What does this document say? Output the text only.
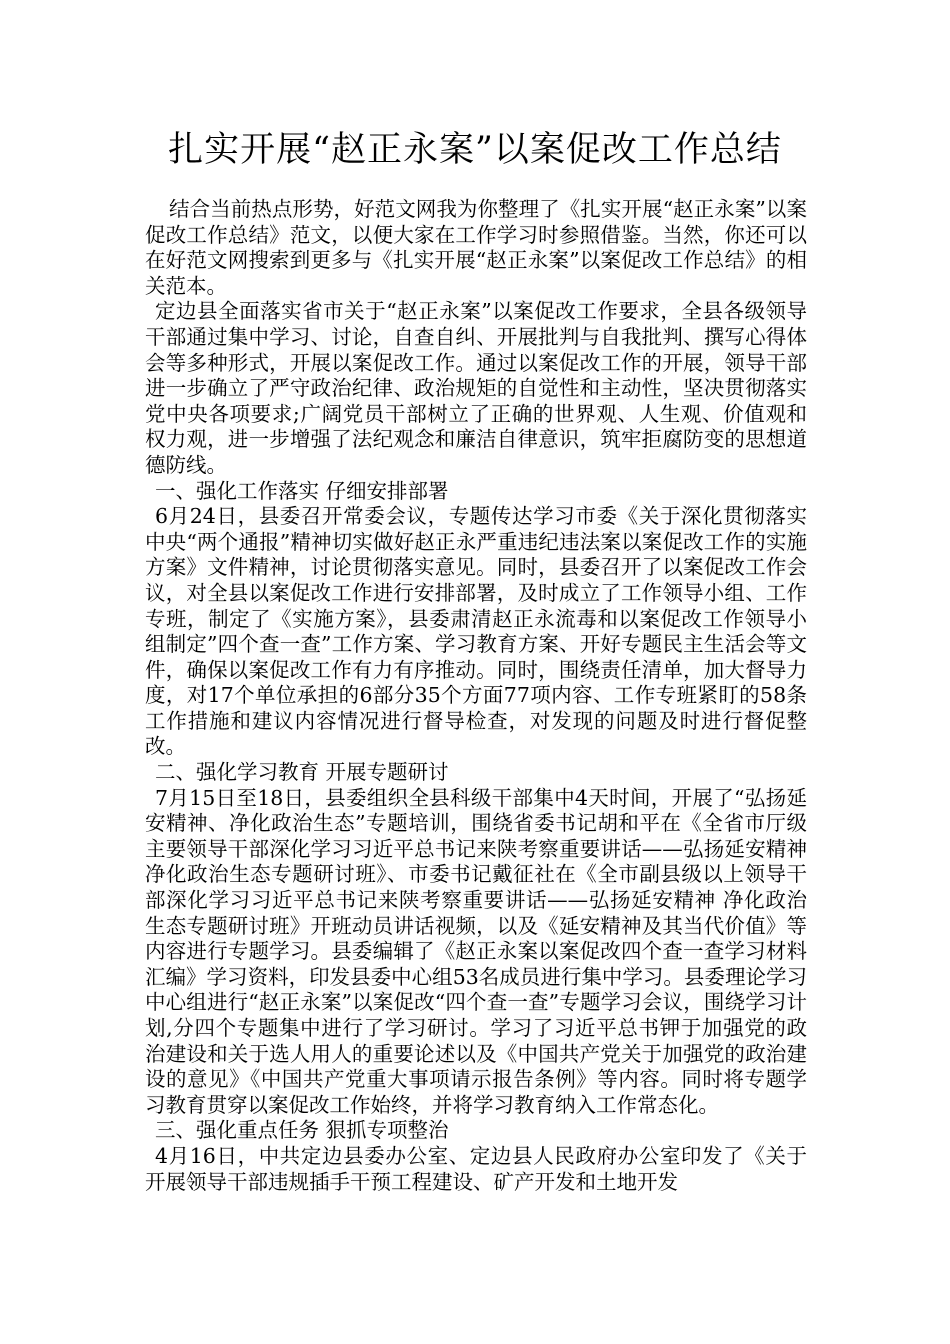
扎实开展“赵正永案”以案促改工作总结

结合当前热点形势，好范文网我为你整理了《扎实开展“赵正永案”以案促改工作总结》范文，以便大家在工作学习时参照借鉴。当然，你还可以在好范文网搜索到更多与《扎实开展“赵正永案”以案促改工作总结》的相关范本。

定边县全面落实省市关于“赵正永案”以案促改工作要求，全县各级领导干部通过集中学习、讨论，自查自纠、开展批判与自我批判、撰写心得体会等多种形式，开展以案促改工作。通过以案促改工作的开展，领导干部进一步确立了严守政治纪律、政治规矩的自觉性和主动性，坚决贯彻落实党中央各项要求;广阔党员干部树立了正确的世界观、人生观、价值观和权力观，进一步增强了法纪观念和廉洁自律意识，筑牢拒腐防变的思想道德防线。

一、强化工作落实 仔细安排部署

6月24日，县委召开常委会议，专题传达学习市委《关于深化贯彻落实中央“两个通报”精神切实做好赵正永严重违纪违法案以案促改工作的实施方案》文件精神，讨论贯彻落实意见。同时，县委召开了以案促改工作会议，对全县以案促改工作进行安排部署，及时成立了工作领导小组、工作专班，制定了《实施方案》，县委肃清赵正永流毒和以案促改工作领导小组制定”四个查一查”工作方案、学习教育方案、开好专题民主生活会等文件，确保以案促改工作有力有序推动。同时，围绕责任清单，加大督导力度，对17个单位承担的6部分35个方面77项内容、工作专班紧盯的58条工作措施和建议内容情况进行督导检查，对发现的问题及时进行督促整改。

二、强化学习教育 开展专题研讨

7月15日至18日，县委组织全县科级干部集中4天时间，开展了“弘扬延安精神、净化政治生态”专题培训，围绕省委书记胡和平在《全省市厅级主要领导干部深化学习习近平总书记来陕考察重要讲话——弘扬延安精神 净化政治生态专题研讨班》、市委书记戴征社在《全市副县级以上领导干部深化学习习近平总书记来陕考察重要讲话——弘扬延安精神 净化政治生态专题研讨班》开班动员讲话视频，以及《延安精神及其当代价值》等内容进行专题学习。县委编辑了《赵正永案以案促改四个查一查学习材料汇编》学习资料，印发县委中心组53名成员进行集中学习。县委理论学习中心组进行“赵正永案”以案促改“四个查一查”专题学习会议，围绕学习计划,分四个专题集中进行了学习研讨。学习了习近平总书钾于加强党的政治建设和关于选人用人的重要论述以及《中国共产党关于加强党的政治建设的意见》《中国共产党重大事项请示报告条例》等内容。同时将专题学习教育贯穿以案促改工作始终，并将学习教育纳入工作常态化。

三、强化重点任务 狠抓专项整治

4月16日，中共定边县委办公室、定边县人民政府办公室印发了《关于开展领导干部违规插手干预工程建设、矿产开发和土地开发
